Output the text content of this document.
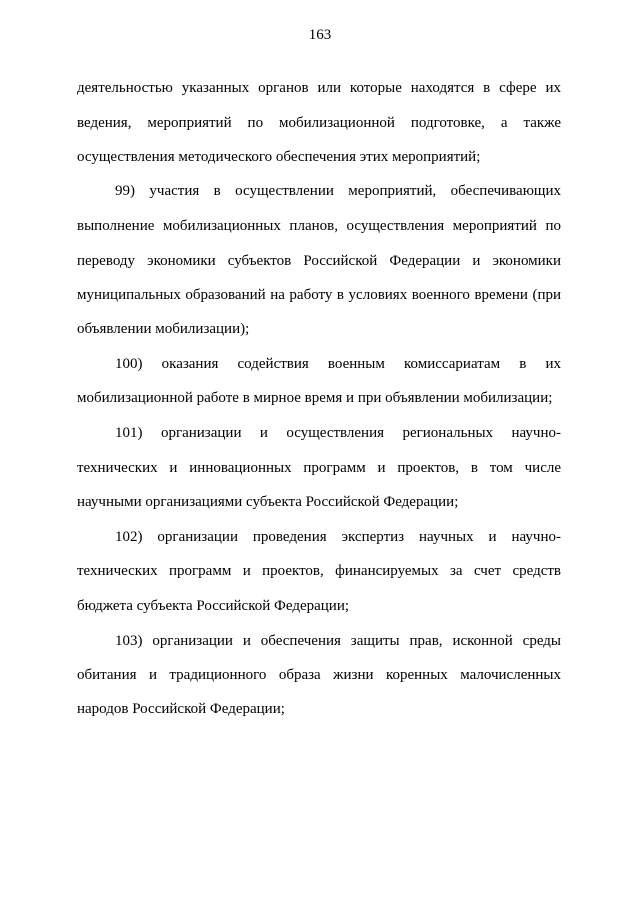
163
деятельностью указанных органов или которые находятся в сфере их
ведения, мероприятий по мобилизационной подготовке, а также
осуществления методического обеспечения этих мероприятий;
99) участия в осуществлении мероприятий, обеспечивающих
выполнение мобилизационных планов, осуществления мероприятий по
переводу экономики субъектов Российской Федерации и экономики
муниципальных образований на работу в условиях военного времени (при
объявлении мобилизации);
100) оказания содействия военным комиссариатам в их
мобилизационной работе в мирное время и при объявлении мобилизации;
101) организации и осуществления региональных научно-
технических и инновационных программ и проектов, в том числе
научными организациями субъекта Российской Федерации;
102) организации проведения экспертиз научных и научно-
технических программ и проектов, финансируемых за счет средств
бюджета субъекта Российской Федерации;
103) организации и обеспечения защиты прав, исконной среды
обитания и традиционного образа жизни коренных малочисленных
народов Российской Федерации;
